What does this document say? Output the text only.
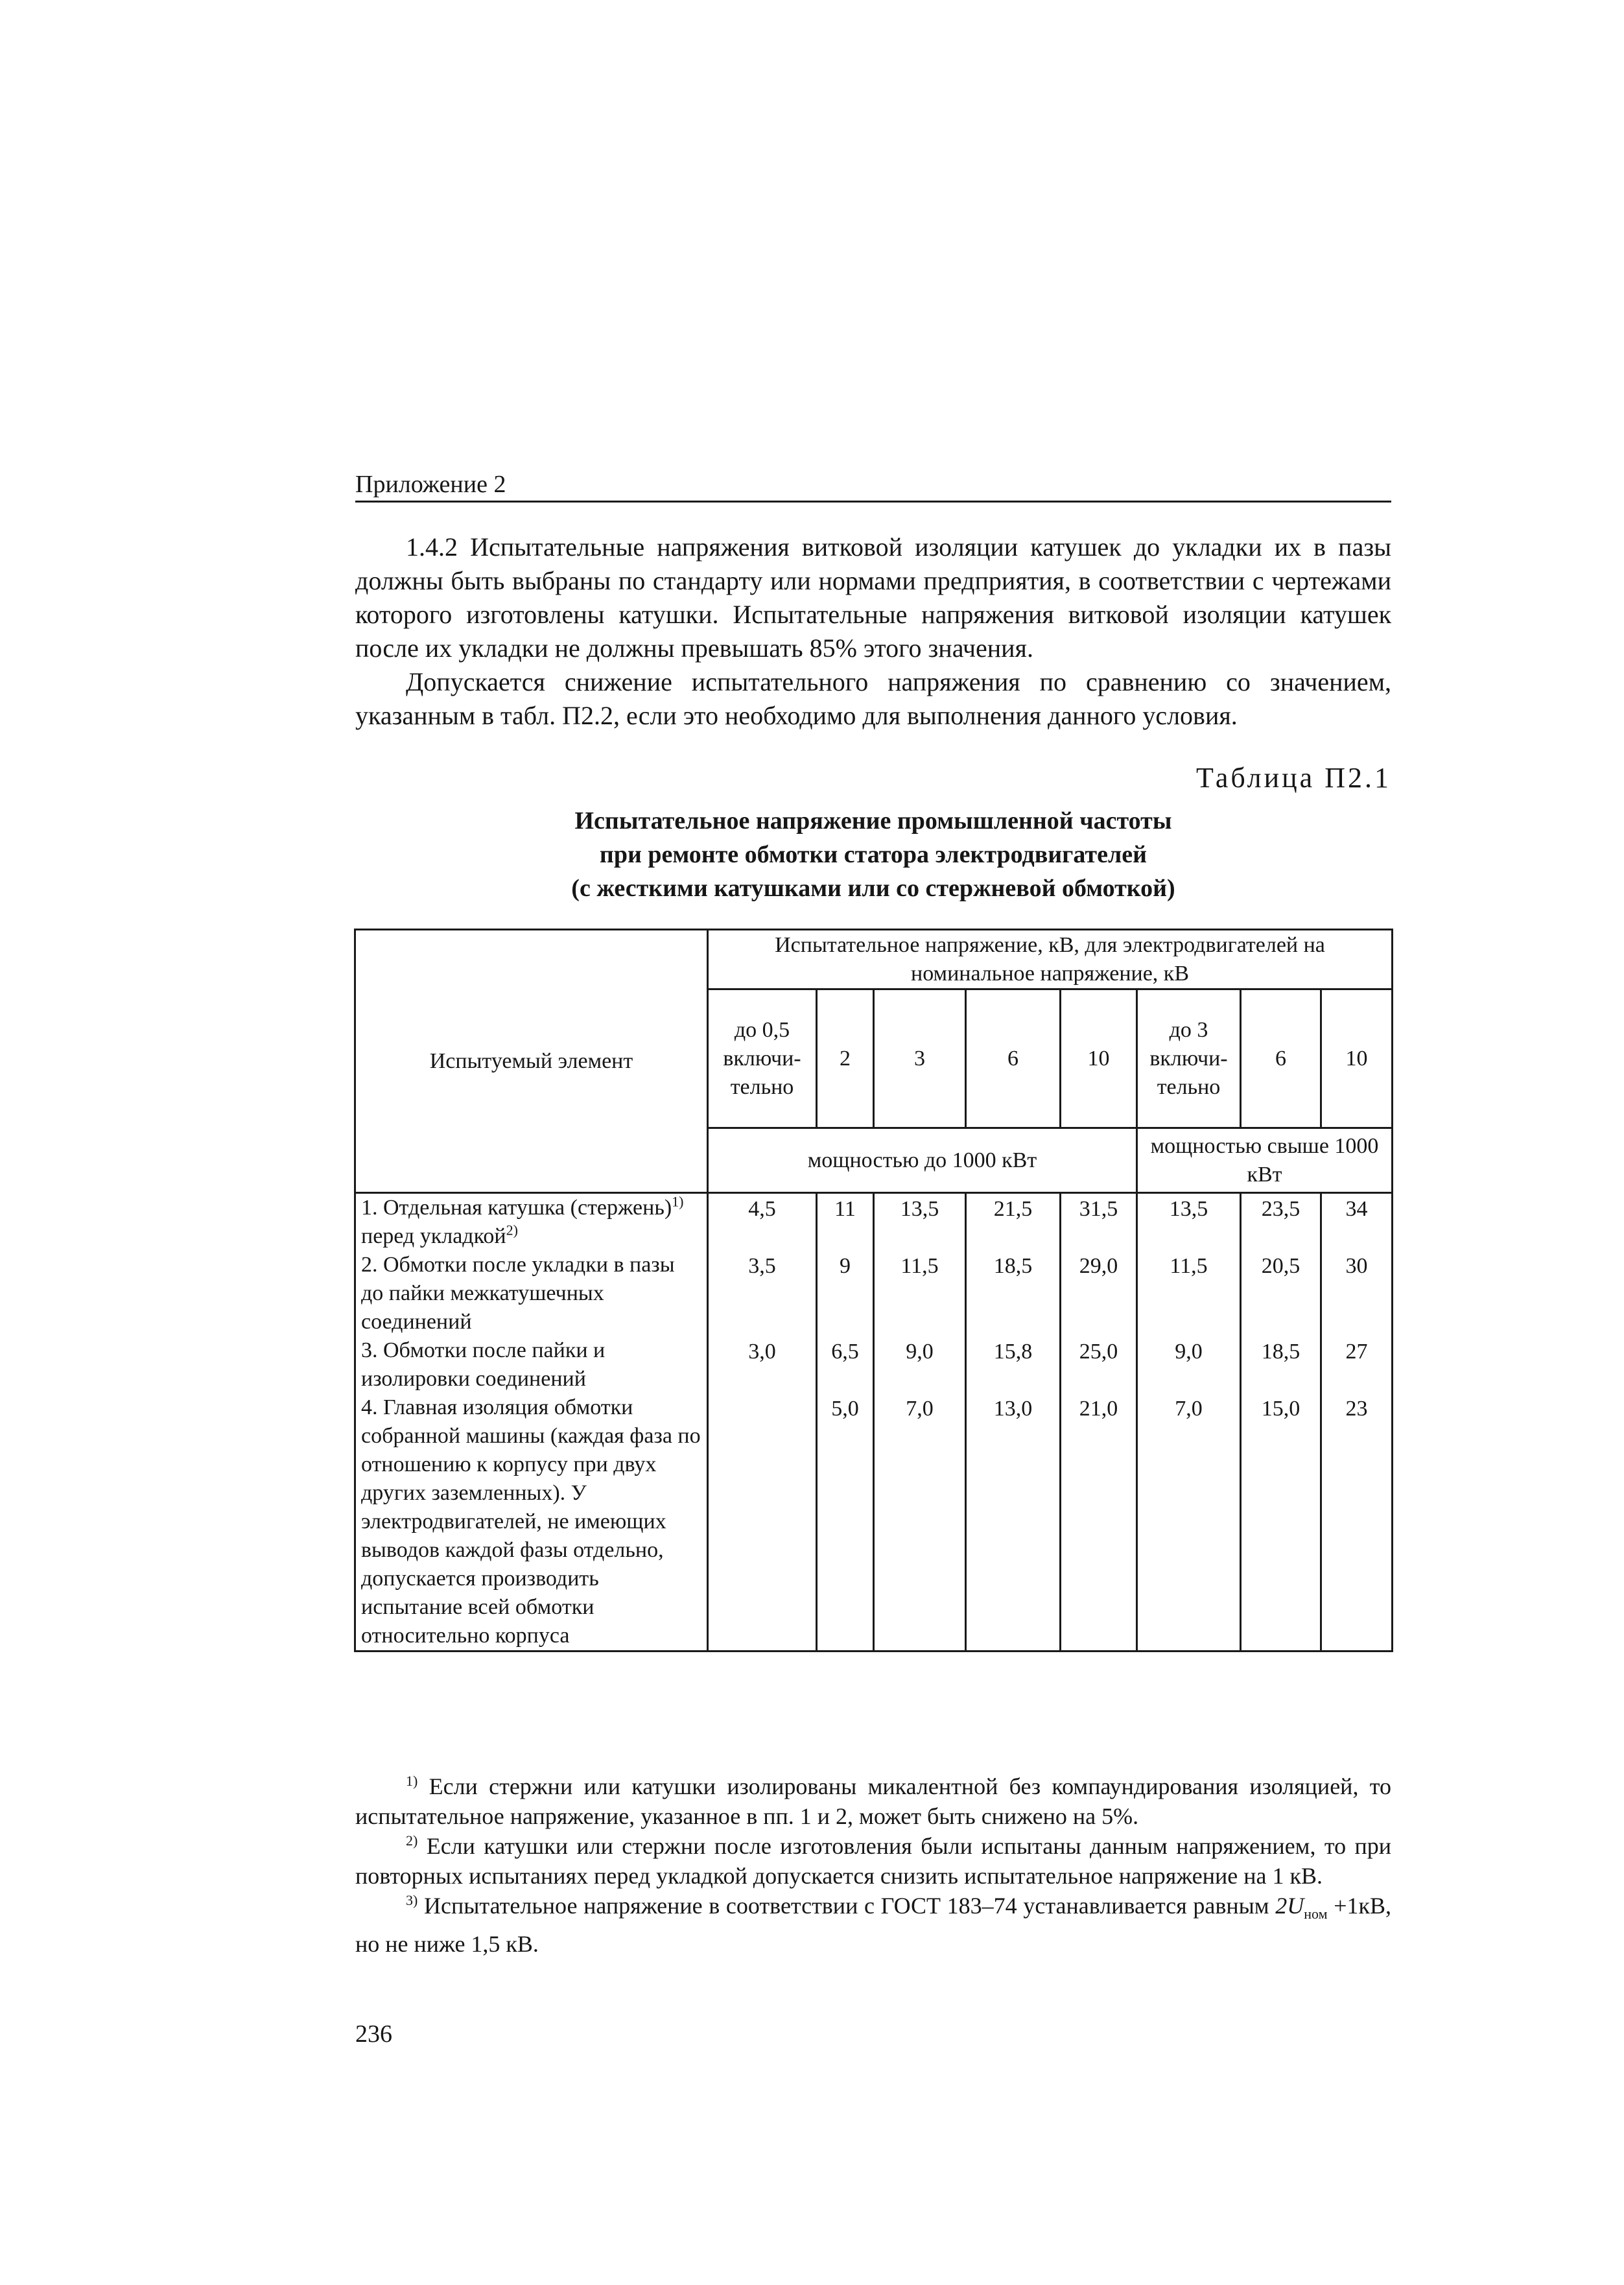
Приложение 2

1.4.2 Испытательные напряжения витковой изоляции катушек до укладки их в пазы должны быть выбраны по стандарту или нормами предприятия, в соответствии с чертежами которого изготовлены катушки. Испытательные напряжения витковой изоляции катушек после их укладки не должны превышать 85% этого значения.

Допускается снижение испытательного напряжения по сравнению со значением, указанным в табл. П2.2, если это необходимо для выполнения данного условия.

Таблица П2.1
Испытательное напряжение промышленной частоты
при ремонте обмотки статора электродвигателей
(с жесткими катушками или со стержневой обмоткой)
Испытуемый элемент	Испытательное напряжение, кВ, для электродвигателей на номинальное напряжение, кВ							
	до 0,5 включи-тельно	2	3	6	10	до 3 включи-тельно	6	10
	мощностью до 1000 кВт					мощностью свыше 1000 кВт		
1. Отдельная катушка (стержень)$^{1)}$ перед укладкой$^{2)}$	4,5	11	13,5	21,5	31,5	13,5	23,5	34
2. Обмотки после укладки в пазы до пайки межкатушечных соединений	3,5	9	11,5	18,5	29,0	11,5	20,5	30
3. Обмотки после пайки и изолировки соединений	3,0	6,5	9,0	15,8	25,0	9,0	18,5	27
4. Главная изоляция обмотки собранной машины (каждая фаза по отношению к корпусу при двух других заземленных). У электродвигателей, не имеющих выводов каждой фазы отдельно, допускается производить испытание всей обмотки относительно корпуса		5,0	7,0	13,0	21,0	7,0	15,0	23

$^{1)}$ Если стержни или катушки изолированы микалентной без компаундирования изоляцией, то испытательное напряжение, указанное в пп. 1 и 2, может быть снижено на 5%.

$^{2)}$ Если катушки или стержни после изготовления были испытаны данным напряжением, то при повторных испытаниях перед укладкой допускается снизить испытательное напряжение на 1 кВ.

$^{3)}$ Испытательное напряжение в соответствии с ГОСТ 183–74 устанавливается равным $2U_{ном} +1кВ$, но не ниже 1,5 кВ.

236
